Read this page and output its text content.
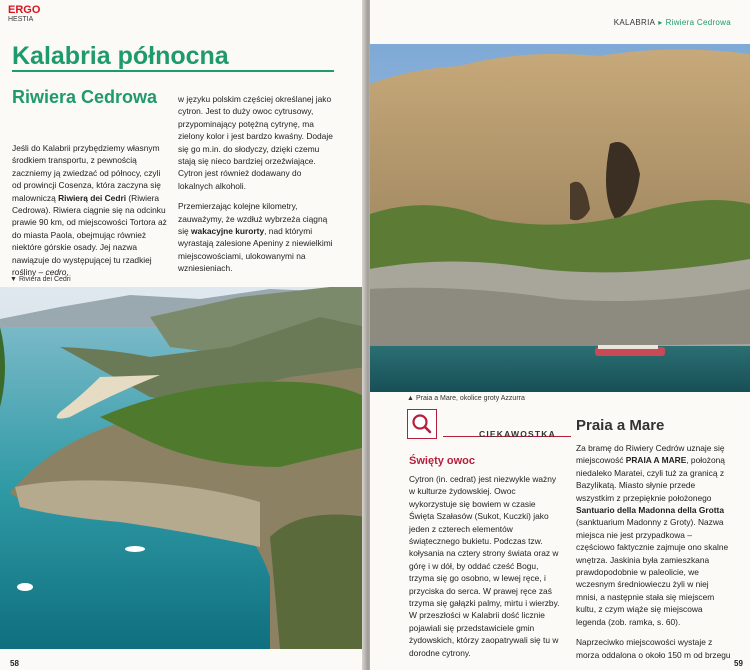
ERGO
HESTIA
Kalabria północna
Riwiera Cedrowa

Jeśli do Kalabrii przybędziemy własnym środkiem transportu, z pewnością zaczniemy ją zwiedzać od północy, czyli od prowincji Cosenza, która zaczyna się malowniczą Riwierą dei Cedri (Riwiera Cedrowa). Riwiera ciągnie się na odcinku prawie 90 km, od miejscowości Tortora aż do miasta Paola, obejmując również niektóre górskie osady. Jej nazwa nawiązuje do występującej tu rzadkiej rośliny – cedro,

w języku polskim częściej określanej jako cytron. Jest to duży owoc cytrusowy, przypominający potężną cytrynę, ma zielony kolor i jest bardzo kwaśny. Dodaje się go m.in. do słodyczy, dzięki czemu stają się nieco bardziej orzeźwiające. Cytron jest również dodawany do lokalnych alkoholi.

Przemierzając kolejne kilometry, zauważymy, że wzdłuż wybrzeża ciągną się wakacyjne kurorty, nad którymi wyrastają zalesione Apeniny z niewielkimi miejscowościami, ulokowanymi na wzniesieniach.

▼ Riviera dei Cedri
58
KALABRIA ▸ Riwiera Cedrowa
▲ Praia a Mare, okolice groty Azzurra
CIEKAWOSTKA
Święty owoc

Cytron (in. cedrat) jest niezwykle ważny w kulturze żydowskiej. Owoc wykorzystuje się bowiem w czasie Święta Szałasów (Sukot, Kuczki) jako jeden z czterech elementów świątecznego bukietu. Podczas tzw. kołysania na cztery strony świata oraz w górę i w dół, by oddać cześć Bogu, trzyma się go osobno, w lewej ręce, i przyciska do serca. W prawej ręce zaś trzyma się gałązki palmy, mirtu i wierzby. W przeszłości w Kalabrii dość licznie pojawiali się przedstawiciele gmin żydowskich, którzy zaopatrywali się tu w dorodne cytrony.

Praia a Mare

Za bramę do Riwiery Cedrów uznaje się miejscowość PRAIA A MARE, położoną niedaleko Maratei, czyli tuż za granicą z Bazylikatą. Miasto słynie przede wszystkim z przepięknie położonego Santuario della Madonna della Grotta (sanktuarium Madonny z Groty). Nazwa miejsca nie jest przypadkowa – częściowo faktycznie zajmuje ono skalne wnętrza. Jaskinia była zamieszkana prawdopodobnie w paleolicie, we wczesnym średniowieczu żyli w niej mnisi, a następnie stała się miejscem kultu, z czym wiąże się miejscowa legenda (zob. ramka, s. 60).

Naprzeciwko miejscowości wystaje z morza oddalona o około 150 m od brzegu

59
